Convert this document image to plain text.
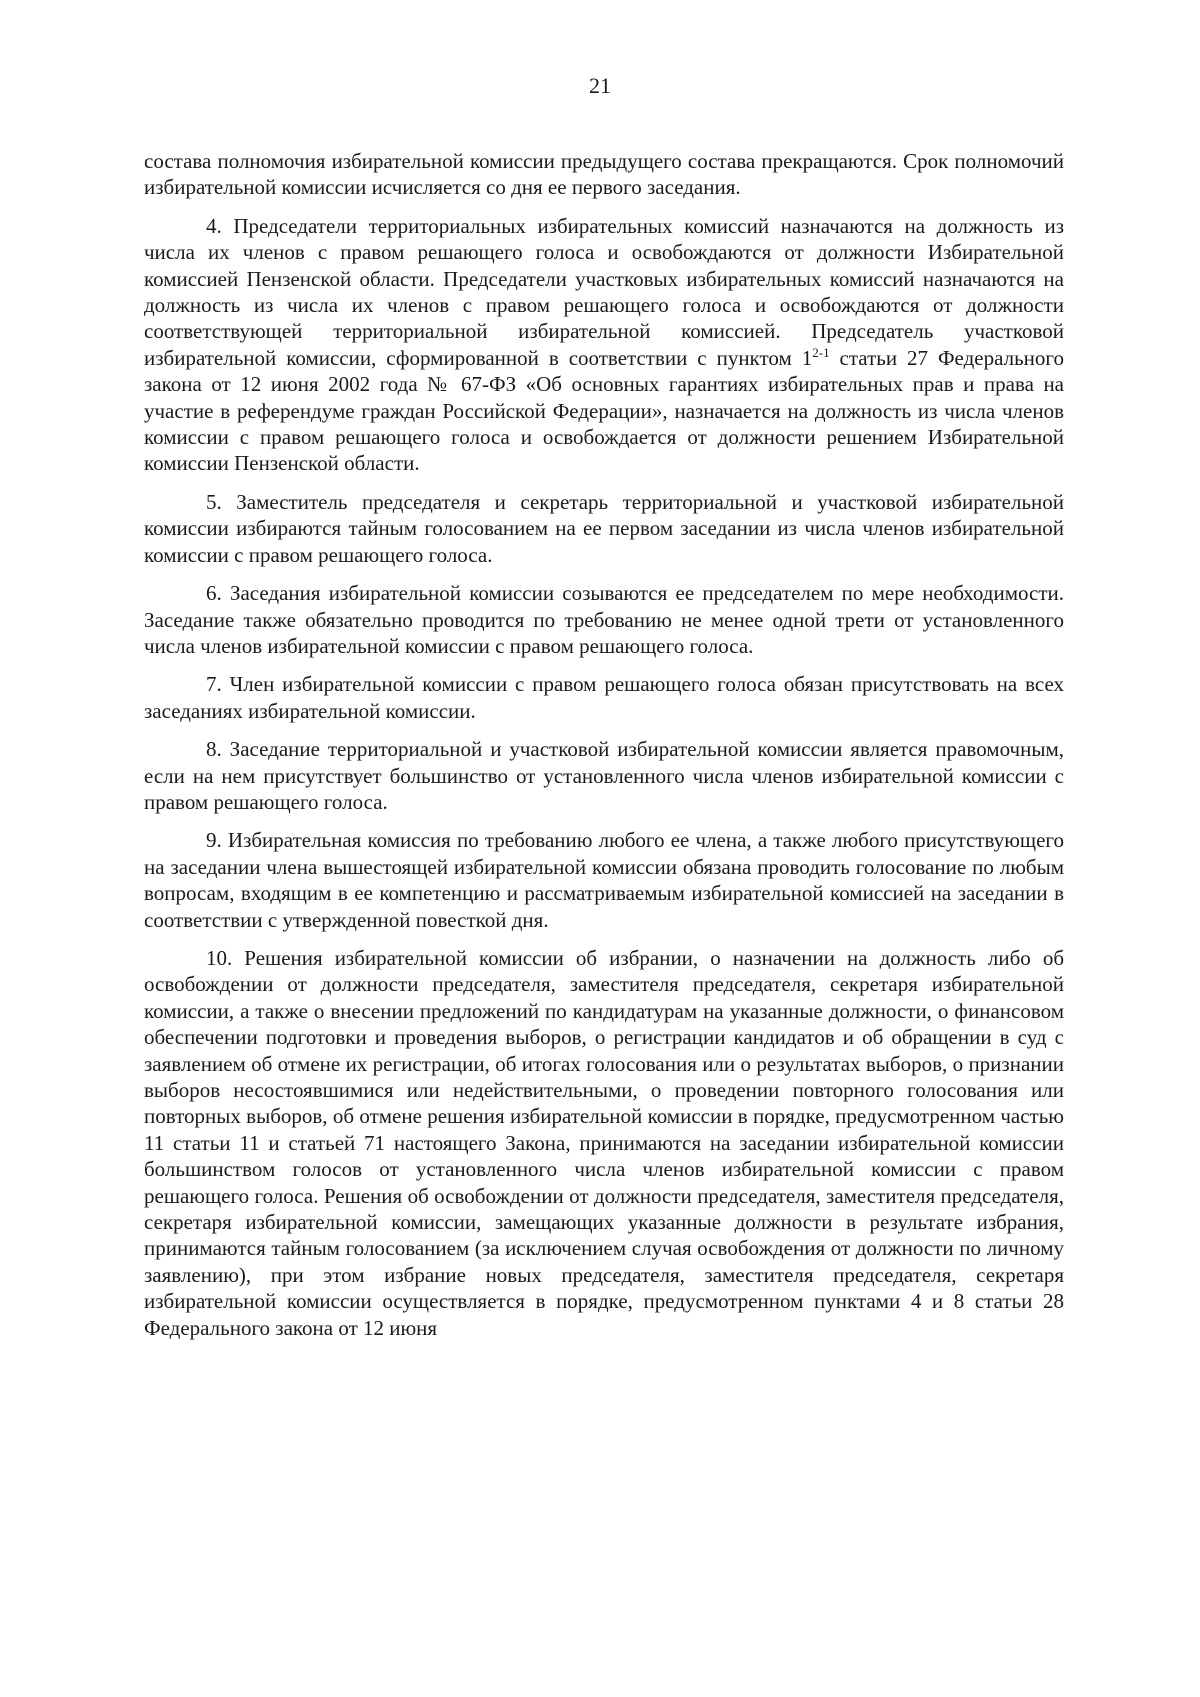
21

состава полномочия избирательной комиссии предыдущего состава прекращаются. Срок полномочий избирательной комиссии исчисляется со дня ее первого заседания.

4. Председатели территориальных избирательных комиссий назначаются на должность из числа их членов с правом решающего голоса и освобождаются от должности Избирательной комиссией Пензенской области. Председатели участковых избирательных комиссий назначаются на должность из числа их членов с правом решающего голоса и освобождаются от должности соответствующей территориальной избирательной комиссией. Председатель участковой избирательной комиссии, сформированной в соответствии с пунктом 1$^{2-1}$ статьи 27 Федерального закона от 12 июня 2002 года № 67-ФЗ «Об основных гарантиях избирательных прав и права на участие в референдуме граждан Российской Федерации», назначается на должность из числа членов комиссии с правом решающего голоса и освобождается от должности решением Избирательной комиссии Пензенской области.

5. Заместитель председателя и секретарь территориальной и участковой избирательной комиссии избираются тайным голосованием на ее первом заседании из числа членов избирательной комиссии с правом решающего голоса.

6. Заседания избирательной комиссии созываются ее председателем по мере необходимости. Заседание также обязательно проводится по требованию не менее одной трети от установленного числа членов избирательной комиссии с правом решающего голоса.

7. Член избирательной комиссии с правом решающего голоса обязан присутствовать на всех заседаниях избирательной комиссии.

8. Заседание территориальной и участковой избирательной комиссии является правомочным, если на нем присутствует большинство от установленного числа членов избирательной комиссии с правом решающего голоса.

9. Избирательная комиссия по требованию любого ее члена, а также любого присутствующего на заседании члена вышестоящей избирательной комиссии обязана проводить голосование по любым вопросам, входящим в ее компетенцию и рассматриваемым избирательной комиссией на заседании в соответствии с утвержденной повесткой дня.

10. Решения избирательной комиссии об избрании, о назначении на должность либо об освобождении от должности председателя, заместителя председателя, секретаря избирательной комиссии, а также о внесении предложений по кандидатурам на указанные должности, о финансовом обеспечении подготовки и проведения выборов, о регистрации кандидатов и об обращении в суд с заявлением об отмене их регистрации, об итогах голосования или о результатах выборов, о признании выборов несостоявшимися или недействительными, о проведении повторного голосования или повторных выборов, об отмене решения избирательной комиссии в порядке, предусмотренном частью 11 статьи 11 и статьей 71 настоящего Закона, принимаются на заседании избирательной комиссии большинством голосов от установленного числа членов избирательной комиссии с правом решающего голоса. Решения об освобождении от должности председателя, заместителя председателя, секретаря избирательной комиссии, замещающих указанные должности в результате избрания, принимаются тайным голосованием (за исключением случая освобождения от должности по личному заявлению), при этом избрание новых председателя, заместителя председателя, секретаря избирательной комиссии осуществляется в порядке, предусмотренном пунктами 4 и 8 статьи 28 Федерального закона от 12 июня
